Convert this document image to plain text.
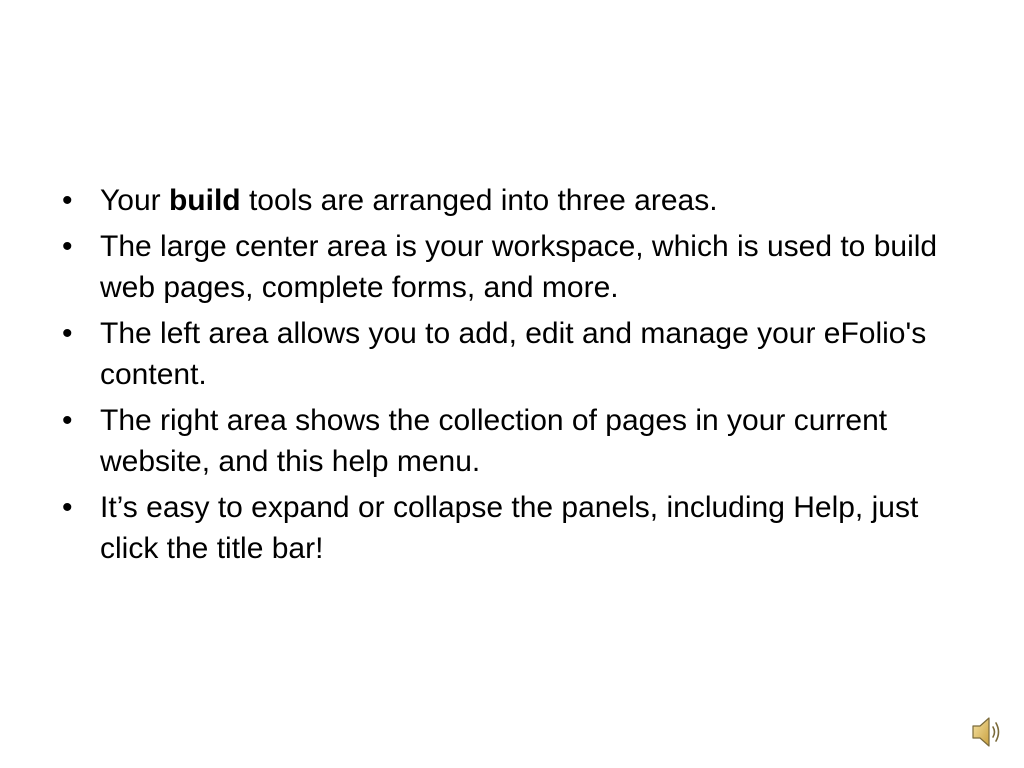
• Your build tools are arranged into three areas.
• The large center area is your workspace, which is used to build web pages, complete forms, and more.
• The left area allows you to add, edit and manage your eFolio's content.
• The right area shows the collection of pages in your current website, and this help menu.
• It’s easy to expand or collapse the panels, including Help, just click the title bar!
